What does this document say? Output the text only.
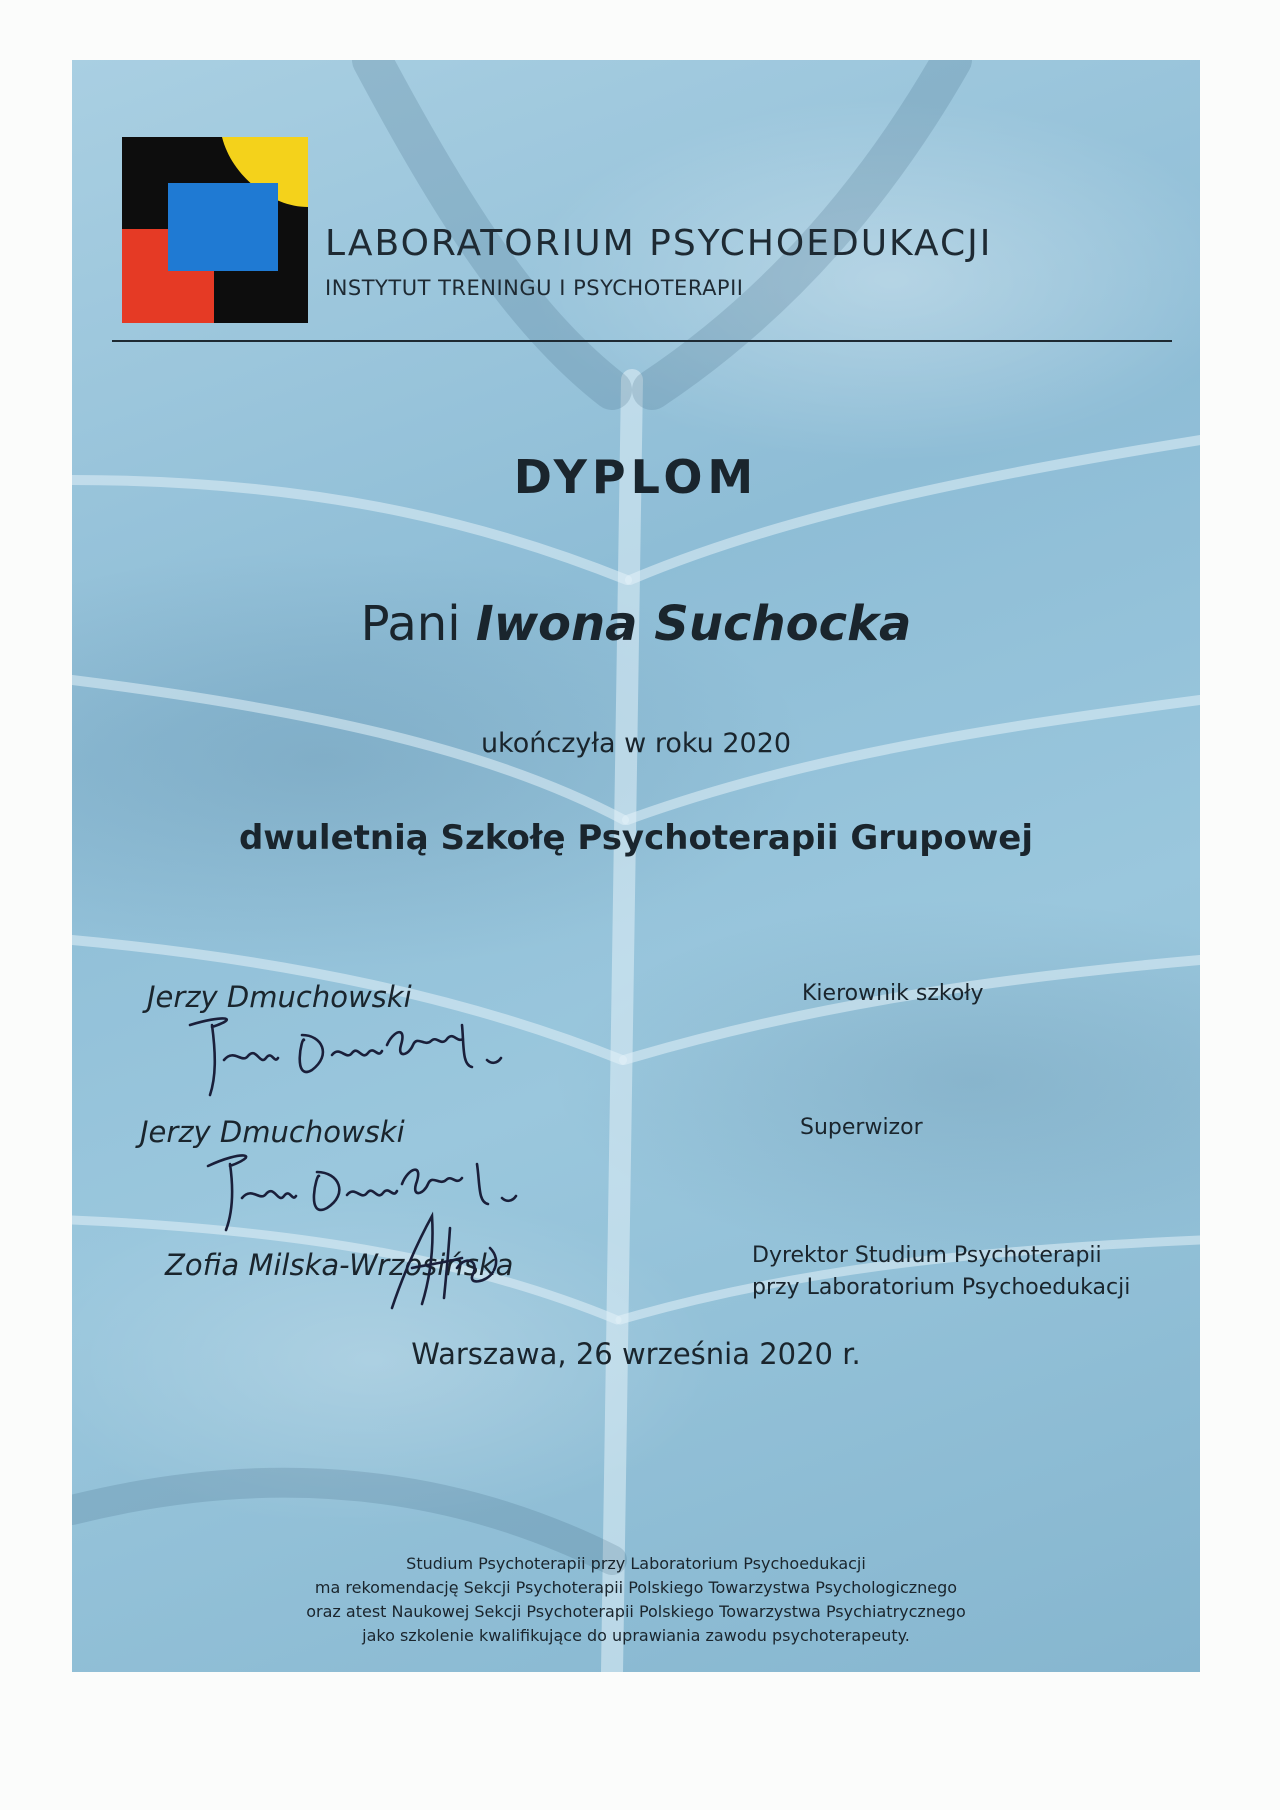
LABORATORIUM PSYCHOEDUKACJI
INSTYTUT TRENINGU I PSYCHOTERAPII
DYPLOM
Pani Iwona Suchocka
ukończyła w roku 2020
dwuletnią Szkołę Psychoterapii Grupowej
Jerzy Dmuchowski	Kierownik szkoły
Jerzy Dmuchowski	Superwizor
Zofia Milska-Wrzosińska	Dyrektor Studium Psychoterapii
przy Laboratorium Psychoedukacji
Warszawa, 26 września 2020 r.
Studium Psychoterapii przy Laboratorium Psychoedukacji
ma rekomendację Sekcji Psychoterapii Polskiego Towarzystwa Psychologicznego
oraz atest Naukowej Sekcji Psychoterapii Polskiego Towarzystwa Psychiatrycznego
jako szkolenie kwalifikujące do uprawiania zawodu psychoterapeuty.
